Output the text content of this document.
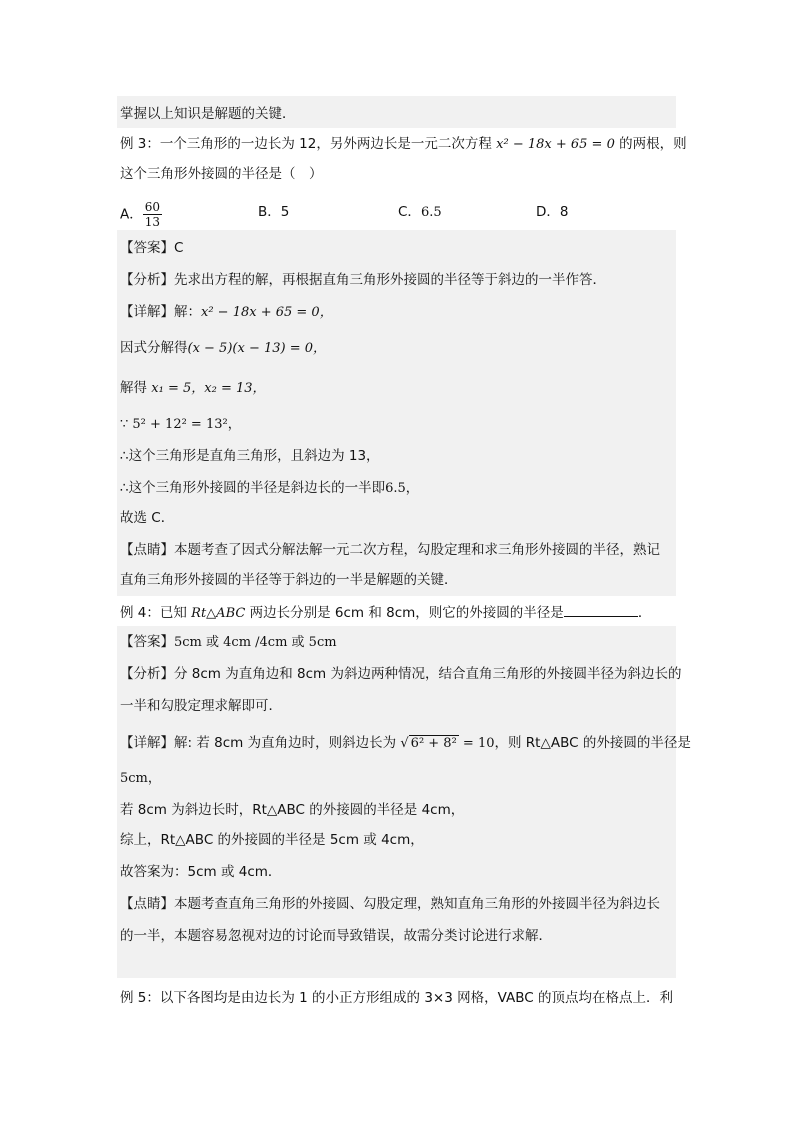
掌握以上知识是解题的关键．
例 3：一个三角形的一边长为 12，另外两边长是一元二次方程 x² − 18x + 65 = 0 的两根，则
这个三角形外接圆的半径是（　）
A． $\frac{60}{13}$	B．5	C．6.5	D．8
【答案】C
【分析】先求出方程的解，再根据直角三角形外接圆的半径等于斜边的一半作答．
【详解】解：x² − 18x + 65 = 0，
因式分解得(x − 5)(x − 13) = 0，
解得 x₁ = 5，x₂ = 13，
∵ 5² + 12² = 13²，
∴这个三角形是直角三角形，且斜边为 13，
∴这个三角形外接圆的半径是斜边长的一半即6.5，
故选 C．
【点睛】本题考查了因式分解法解一元二次方程，勾股定理和求三角形外接圆的半径，熟记
直角三角形外接圆的半径等于斜边的一半是解题的关键．
例 4：已知 Rt△ABC 两边长分别是 6cm 和 8cm，则它的外接圆的半径是	．
【答案】5cm 或 4cm /4cm 或 5cm
【分析】分 8cm 为直角边和 8cm 为斜边两种情况，结合直角三角形的外接圆半径为斜边长的
一半和勾股定理求解即可．
【详解】解: 若 8cm 为直角边时，则斜边长为 √ 6² + 8² = 10，则 Rt△ABC 的外接圆的半径是
5cm，
若 8cm 为斜边长时，Rt△ABC 的外接圆的半径是 4cm，
综上，Rt△ABC 的外接圆的半径是 5cm 或 4cm，
故答案为：5cm 或 4cm．
【点睛】本题考查直角三角形的外接圆、勾股定理，熟知直角三角形的外接圆半径为斜边长
的一半，本题容易忽视对边的讨论而导致错误，故需分类讨论进行求解．
例 5：以下各图均是由边长为 1 的小正方形组成的 3×3 网格，VABC 的顶点均在格点上．利
